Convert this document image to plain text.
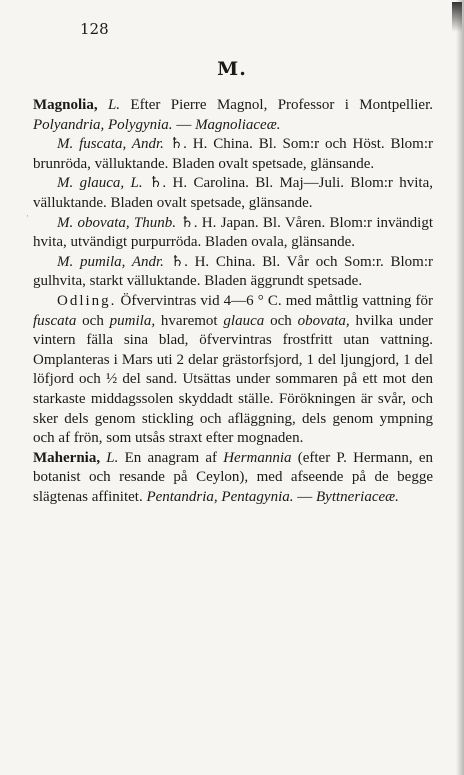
128
M.

Magnolia, L. Efter Pierre Magnol, Professor i Montpellier. Polyandria, Polygynia. — Magnoliaceæ.

M. fuscata, Andr. ♄. H. China. Bl. Som:r och Höst. Blom:r brunröda, välluktande. Bladen ovalt spetsade, glänsande.

M. glauca, L. ♄. H. Carolina. Bl. Maj—Juli. Blom:r hvita, välluktande. Bladen ovalt spetsade, glänsande.

M. obovata, Thunb. ♄. H. Japan. Bl. Våren. Blom:r invändigt hvita, utvändigt purpurröda. Bladen ovala, glänsande.

M. pumila, Andr. ♄. H. China. Bl. Vår och Som:r. Blom:r gulhvita, starkt välluktande. Bladen äggrundt spetsade.

Odling. Öfvervintras vid 4—6 ° C. med måttlig vattning för fuscata och pumila, hvaremot glauca och obovata, hvilka under vintern fälla sina blad, öfvervintras frostfritt utan vattning. Omplanteras i Mars uti 2 delar grästorfsjord, 1 del ljungjord, 1 del löfjord och ½ del sand. Utsättas under sommaren på ett mot den starkaste middagssolen skyddadt ställe. Förökningen är svår, och sker dels genom stickling och afläggning, dels genom ympning och af frön, som utsås straxt efter mognaden.

Mahernia, L. En anagram af Hermannia (efter P. Hermann, en botanist och resande på Ceylon), med afseende på de begge slägtenas affinitet. Pentandria, Pentagynia. — Byttneriaceæ.

·
